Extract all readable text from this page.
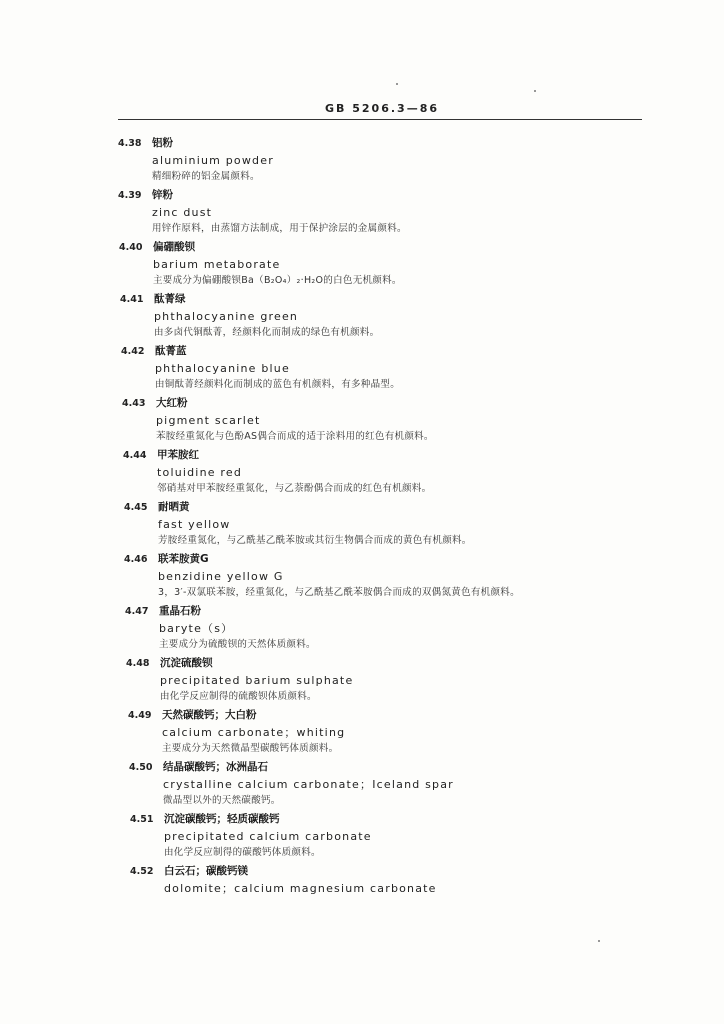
GB 5206.3—86
4.38	铝粉
aluminium powder
精细粉碎的铝金属颜料。
4.39	锌粉
zinc dust
用锌作原料，由蒸馏方法制成，用于保护涂层的金属颜料。
4.40	偏硼酸钡
barium metaborate
主要成分为偏硼酸钡Ba（B₂O₄）₂·H₂O的白色无机颜料。
4.41	酞菁绿
phthalocyanine green
由多卤代铜酞菁，经颜料化而制成的绿色有机颜料。
4.42	酞菁蓝
phthalocyanine blue
由铜酞菁经颜料化而制成的蓝色有机颜料，有多种晶型。
4.43	大红粉
pigment scarlet
苯胺经重氮化与色酚AS偶合而成的适于涂料用的红色有机颜料。
4.44	甲苯胺红
toluidine red
邻硝基对甲苯胺经重氮化，与乙萘酚偶合而成的红色有机颜料。
4.45	耐晒黄
fast yellow
芳胺经重氮化，与乙酰基乙酰苯胺或其衍生物偶合而成的黄色有机颜料。
4.46	联苯胺黄G
benzidine yellow G
3，3′-双氯联苯胺，经重氮化，与乙酰基乙酰苯胺偶合而成的双偶氮黄色有机颜料。
4.47	重晶石粉
baryte（s）
主要成分为硫酸钡的天然体质颜料。
4.48	沉淀硫酸钡
precipitated barium sulphate
由化学反应制得的硫酸钡体质颜料。
4.49	天然碳酸钙；大白粉
calcium carbonate；whiting
主要成分为天然微晶型碳酸钙体质颜料。
4.50	结晶碳酸钙；冰洲晶石
crystalline calcium carbonate；Iceland spar
微晶型以外的天然碳酸钙。
4.51	沉淀碳酸钙；轻质碳酸钙
precipitated calcium carbonate
由化学反应制得的碳酸钙体质颜料。
4.52	白云石；碳酸钙镁
dolomite；calcium magnesium carbonate
